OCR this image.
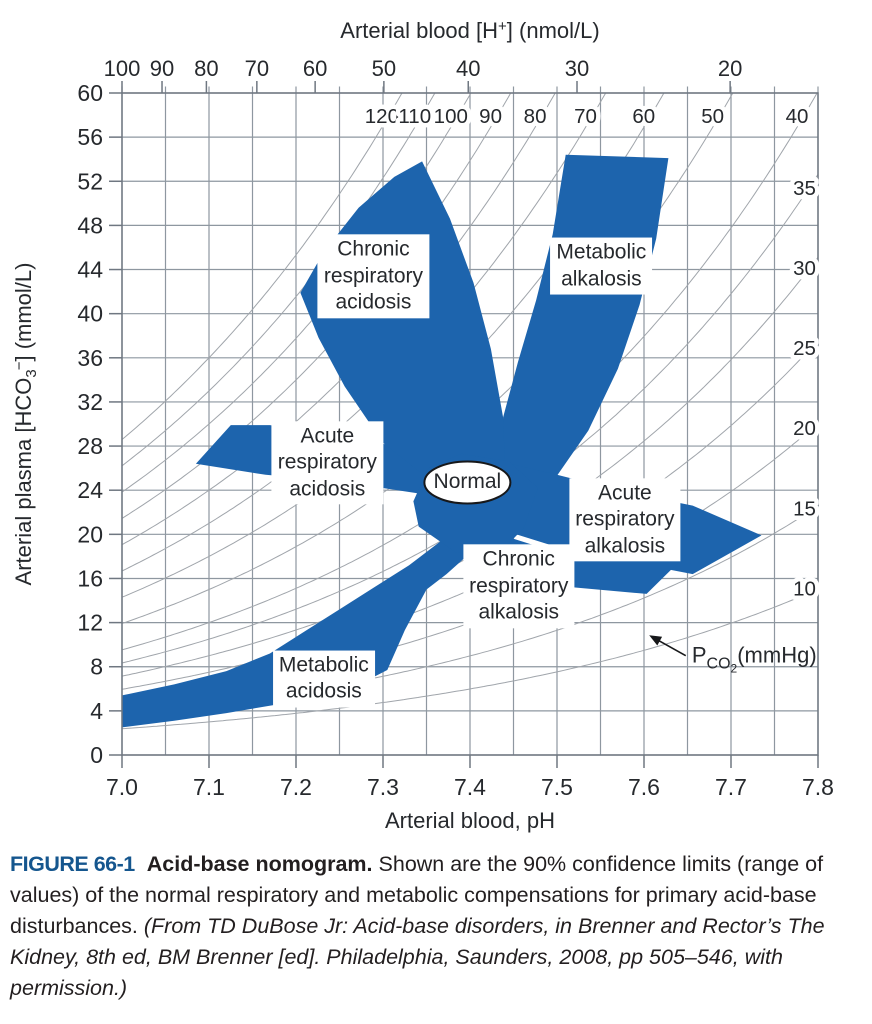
0
4
8
12
16
20
24
28
32
36
40
44
48
52
56
60
7.0 7.1 7.2 7.3 7.4 7.5 7.6 7.7 7.8
100 90 80 70 60 50	40	30	20
Arterial blood [H+] (nmol/L)
Arterial blood, pH
Arterial plasma $[HCO_3-]$ (mmol/L)
120 110 100 90 80 70 60 50	40
35
30
25
20
15
10
$P_{CO}2(mmHg)$
Metabolic
acidosis
Acute
respiratory
acidosis
Chronic
respiratory
acidosis
Metabolic
alkalosis
Acute
respiratory
alkalosis
Chronic
respiratory
alkalosis
Normal

FIGURE 66-1 Acid-base nomogram. Shown are the 90% confidence limits (range of values) of the normal respiratory and metabolic compensations for primary acid-base disturbances. (From TD DuBose Jr: Acid-base disorders, in Brenner and Rector’s The Kidney, 8th ed, BM Brenner [ed]. Philadelphia, Saunders, 2008, pp 505–546, with permission.)
